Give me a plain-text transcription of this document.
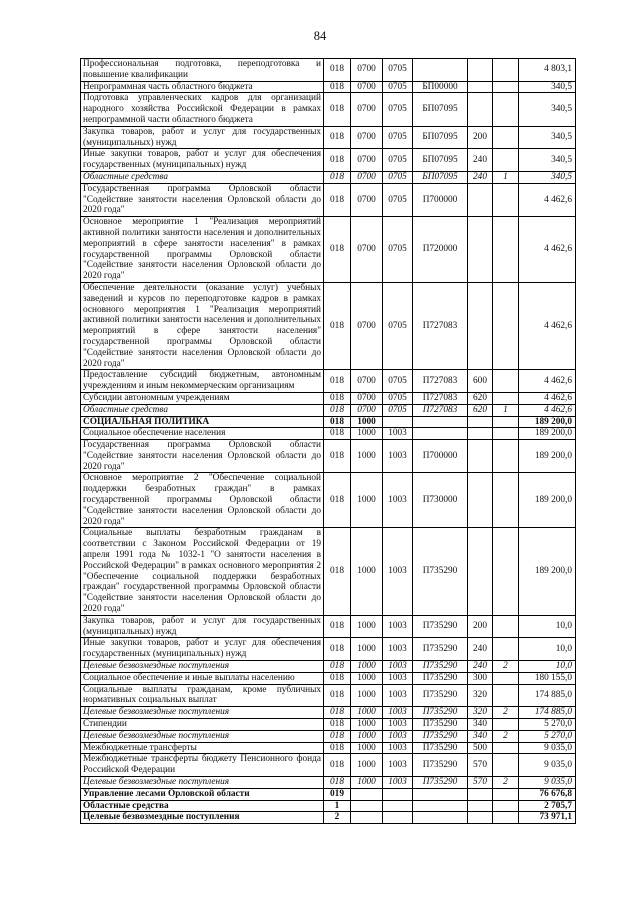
84
Профессиональная подготовка, переподготовка и повышение квалификации	018	0700	0705				4 803,1
Непрограммная часть областного бюджета	018	0700	0705	БП00000			340,5
Подготовка управленческих кадров для организаций народного хозяйства Российской Федерации в рамках непрограммной части областного бюджета	018	0700	0705	БП07095			340,5
Закупка товаров, работ и услуг для государственных (муниципальных) нужд	018	0700	0705	БП07095	200		340,5
Иные закупки товаров, работ и услуг для обеспечения государственных (муниципальных) нужд	018	0700	0705	БП07095	240		340,5
Областные средства	018	0700	0705	БП07095	240	1	340,5
Государственная программа Орловской области "Содействие занятости населения Орловской области до 2020 года"	018	0700	0705	П700000			4 462,6
Основное мероприятие 1 "Реализация мероприятий активной политики занятости населения и дополнительных мероприятий в сфере занятости населения" в рамках государственной программы Орловской области "Содействие занятости населения Орловской области до 2020 года"	018	0700	0705	П720000			4 462,6
Обеспечение деятельности (оказание услуг) учебных заведений и курсов по переподготовке кадров в рамках основного мероприятия 1 "Реализация мероприятий активной политики занятости населения и дополнительных мероприятий в сфере занятости населения" государственной программы Орловской области "Содействие занятости населения Орловской области до 2020 года"	018	0700	0705	П727083			4 462,6
Предоставление субсидий бюджетным, автономным учреждениям и иным некоммерческим организациям	018	0700	0705	П727083	600		4 462,6
Субсидии автономным учреждениям	018	0700	0705	П727083	620		4 462,6
Областные средства	018	0700	0705	П727083	620	1	4 462,6
СОЦИАЛЬНАЯ ПОЛИТИКА	018	1000					189 200,0
Социальное обеспечение населения	018	1000	1003				189 200,0
Государственная программа Орловской области "Содействие занятости населения Орловской области до 2020 года"	018	1000	1003	П700000			189 200,0
Основное мероприятие 2 "Обеспечение социальной поддержки безработных граждан" в рамках государственной программы Орловской области "Содействие занятости населения Орловской области до 2020 года"	018	1000	1003	П730000			189 200,0
Социальные выплаты безработным гражданам в соответствии с Законом Российской Федерации от 19 апреля 1991 года № 1032-1 "О занятости населения в Российской Федерации" в рамках основного мероприятия 2 "Обеспечение социальной поддержки безработных граждан" государственной программы Орловской области "Содействие занятости населения Орловской области до 2020 года"	018	1000	1003	П735290			189 200,0
Закупка товаров, работ и услуг для государственных (муниципальных) нужд	018	1000	1003	П735290	200		10,0
Иные закупки товаров, работ и услуг для обеспечения государственных (муниципальных) нужд	018	1000	1003	П735290	240		10,0
Целевые безвозмездные поступления	018	1000	1003	П735290	240	2	10,0
Социальное обеспечение и иные выплаты населению	018	1000	1003	П735290	300		180 155,0
Социальные выплаты гражданам, кроме публичных нормативных социальных выплат	018	1000	1003	П735290	320		174 885,0
Целевые безвозмездные поступления	018	1000	1003	П735290	320	2	174 885,0
Стипендии	018	1000	1003	П735290	340		5 270,0
Целевые безвозмездные поступления	018	1000	1003	П735290	340	2	5 270,0
Межбюджетные трансферты	018	1000	1003	П735290	500		9 035,0
Межбюджетные трансферты бюджету Пенсионного фонда Российской Федерации	018	1000	1003	П735290	570		9 035,0
Целевые безвозмездные поступления	018	1000	1003	П735290	570	2	9 035,0
Управление лесами Орловской области	019						76 676,8
Областные средства	1						2 705,7
Целевые безвозмездные поступления	2						73 971,1
